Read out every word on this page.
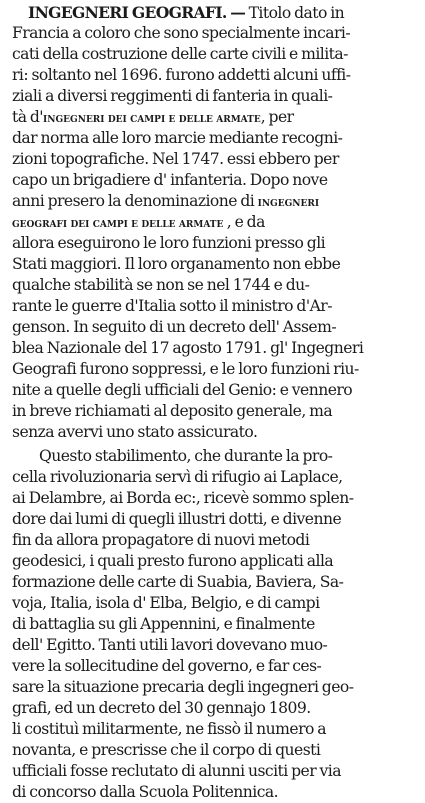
INGEGNERI GEOGRAFI. — Titolo dato in
Francia a coloro che sono specialmente incari-
cati della costruzione delle carte civili e milita-
ri: soltanto nel 1696. furono addetti alcuni uffi-
ziali a diversi reggimenti di fanteria in quali-
tà d'ingegneri dei campi e delle armate, per
dar norma alle loro marcie mediante recogni-
zioni topografiche. Nel 1747. essi ebbero per
capo un brigadiere d' infanteria. Dopo nove
anni presero la denominazione di ingegneri
geografi dei campi e delle armate , e da
allora eseguirono le loro funzioni presso gli
Stati maggiori. Il loro organamento non ebbe
qualche stabilità se non se nel 1744 e du-
rante le guerre d'Italia sotto il ministro d'Ar-
genson. In seguito di un decreto dell' Assem-
blea Nazionale del 17 agosto 1791. gl' Ingegneri
Geografi furono soppressi, e le loro funzioni riu-
nite a quelle degli ufficiali del Genio: e vennero
in breve richiamati al deposito generale, ma
senza avervi uno stato assicurato.
Questo stabilimento, che durante la pro-
cella rivoluzionaria servì di rifugio ai Laplace,
ai Delambre, ai Borda ec:, ricevè sommo splen-
dore dai lumi di quegli illustri dotti, e divenne
fin da allora propagatore di nuovi metodi
geodesici, i quali presto furono applicati alla
formazione delle carte di Suabia, Baviera, Sa-
voja, Italia, isola d' Elba, Belgio, e di campi
di battaglia su gli Appennini, e finalmente
dell' Egitto. Tanti utili lavori dovevano muo-
vere la sollecitudine del governo, e far ces-
sare la situazione precaria degli ingegneri geo-
grafi, ed un decreto del 30 gennajo 1809.
li costituì militarmente, ne fissò il numero a
novanta, e prescrisse che il corpo di questi
ufficiali fosse reclutato di alunni usciti per via
di concorso dalla Scuola Politennica.
